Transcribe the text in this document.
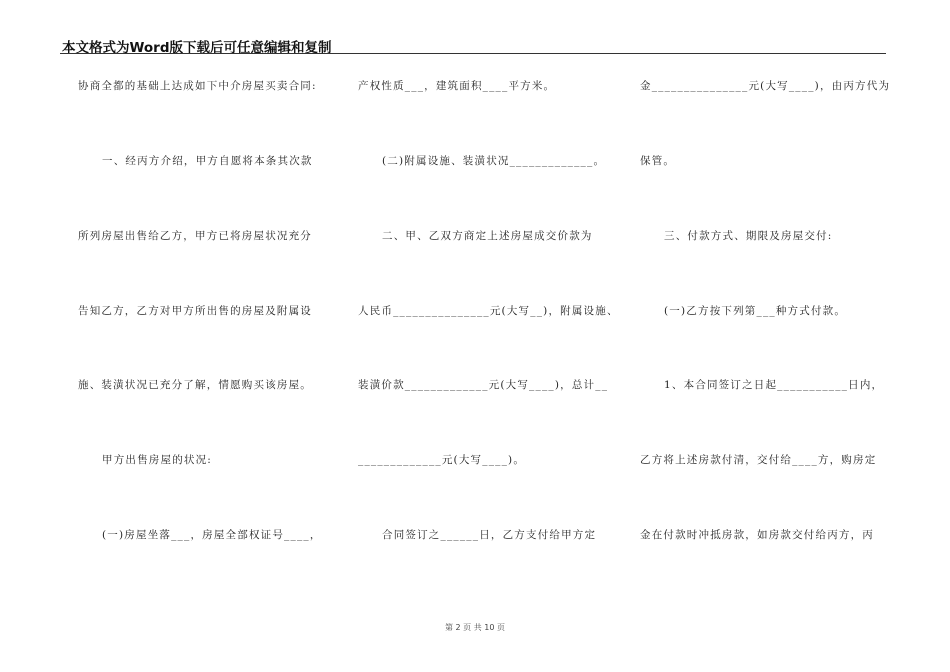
本文格式为Word版下载后可任意编辑和复制
协商全都的基础上达成如下中介房屋买卖合同:
一、经丙方介绍，甲方自愿将本条其次款
所列房屋出售给乙方，甲方已将房屋状况充分
告知乙方，乙方对甲方所出售的房屋及附属设
施、装潢状况已充分了解，情愿购买该房屋。
甲方出售房屋的状况:
(一)房屋坐落___，房屋全部权证号____，
产权性质___，建筑面积____平方米。
(二)附属设施、装潢状况_____________。
二、甲、乙双方商定上述房屋成交价款为
人民币_______________元(大写__)，附属设施、
装潢价款_____________元(大写____)，总计__
_____________元(大写____)。
合同签订之______日，乙方支付给甲方定
金_______________元(大写____)，由丙方代为
保管。
三、付款方式、期限及房屋交付:
(一)乙方按下列第___种方式付款。
1、本合同签订之日起___________日内，
乙方将上述房款付清，交付给____方，购房定
金在付款时冲抵房款，如房款交付给丙方，丙
第 2 页 共 10 页
